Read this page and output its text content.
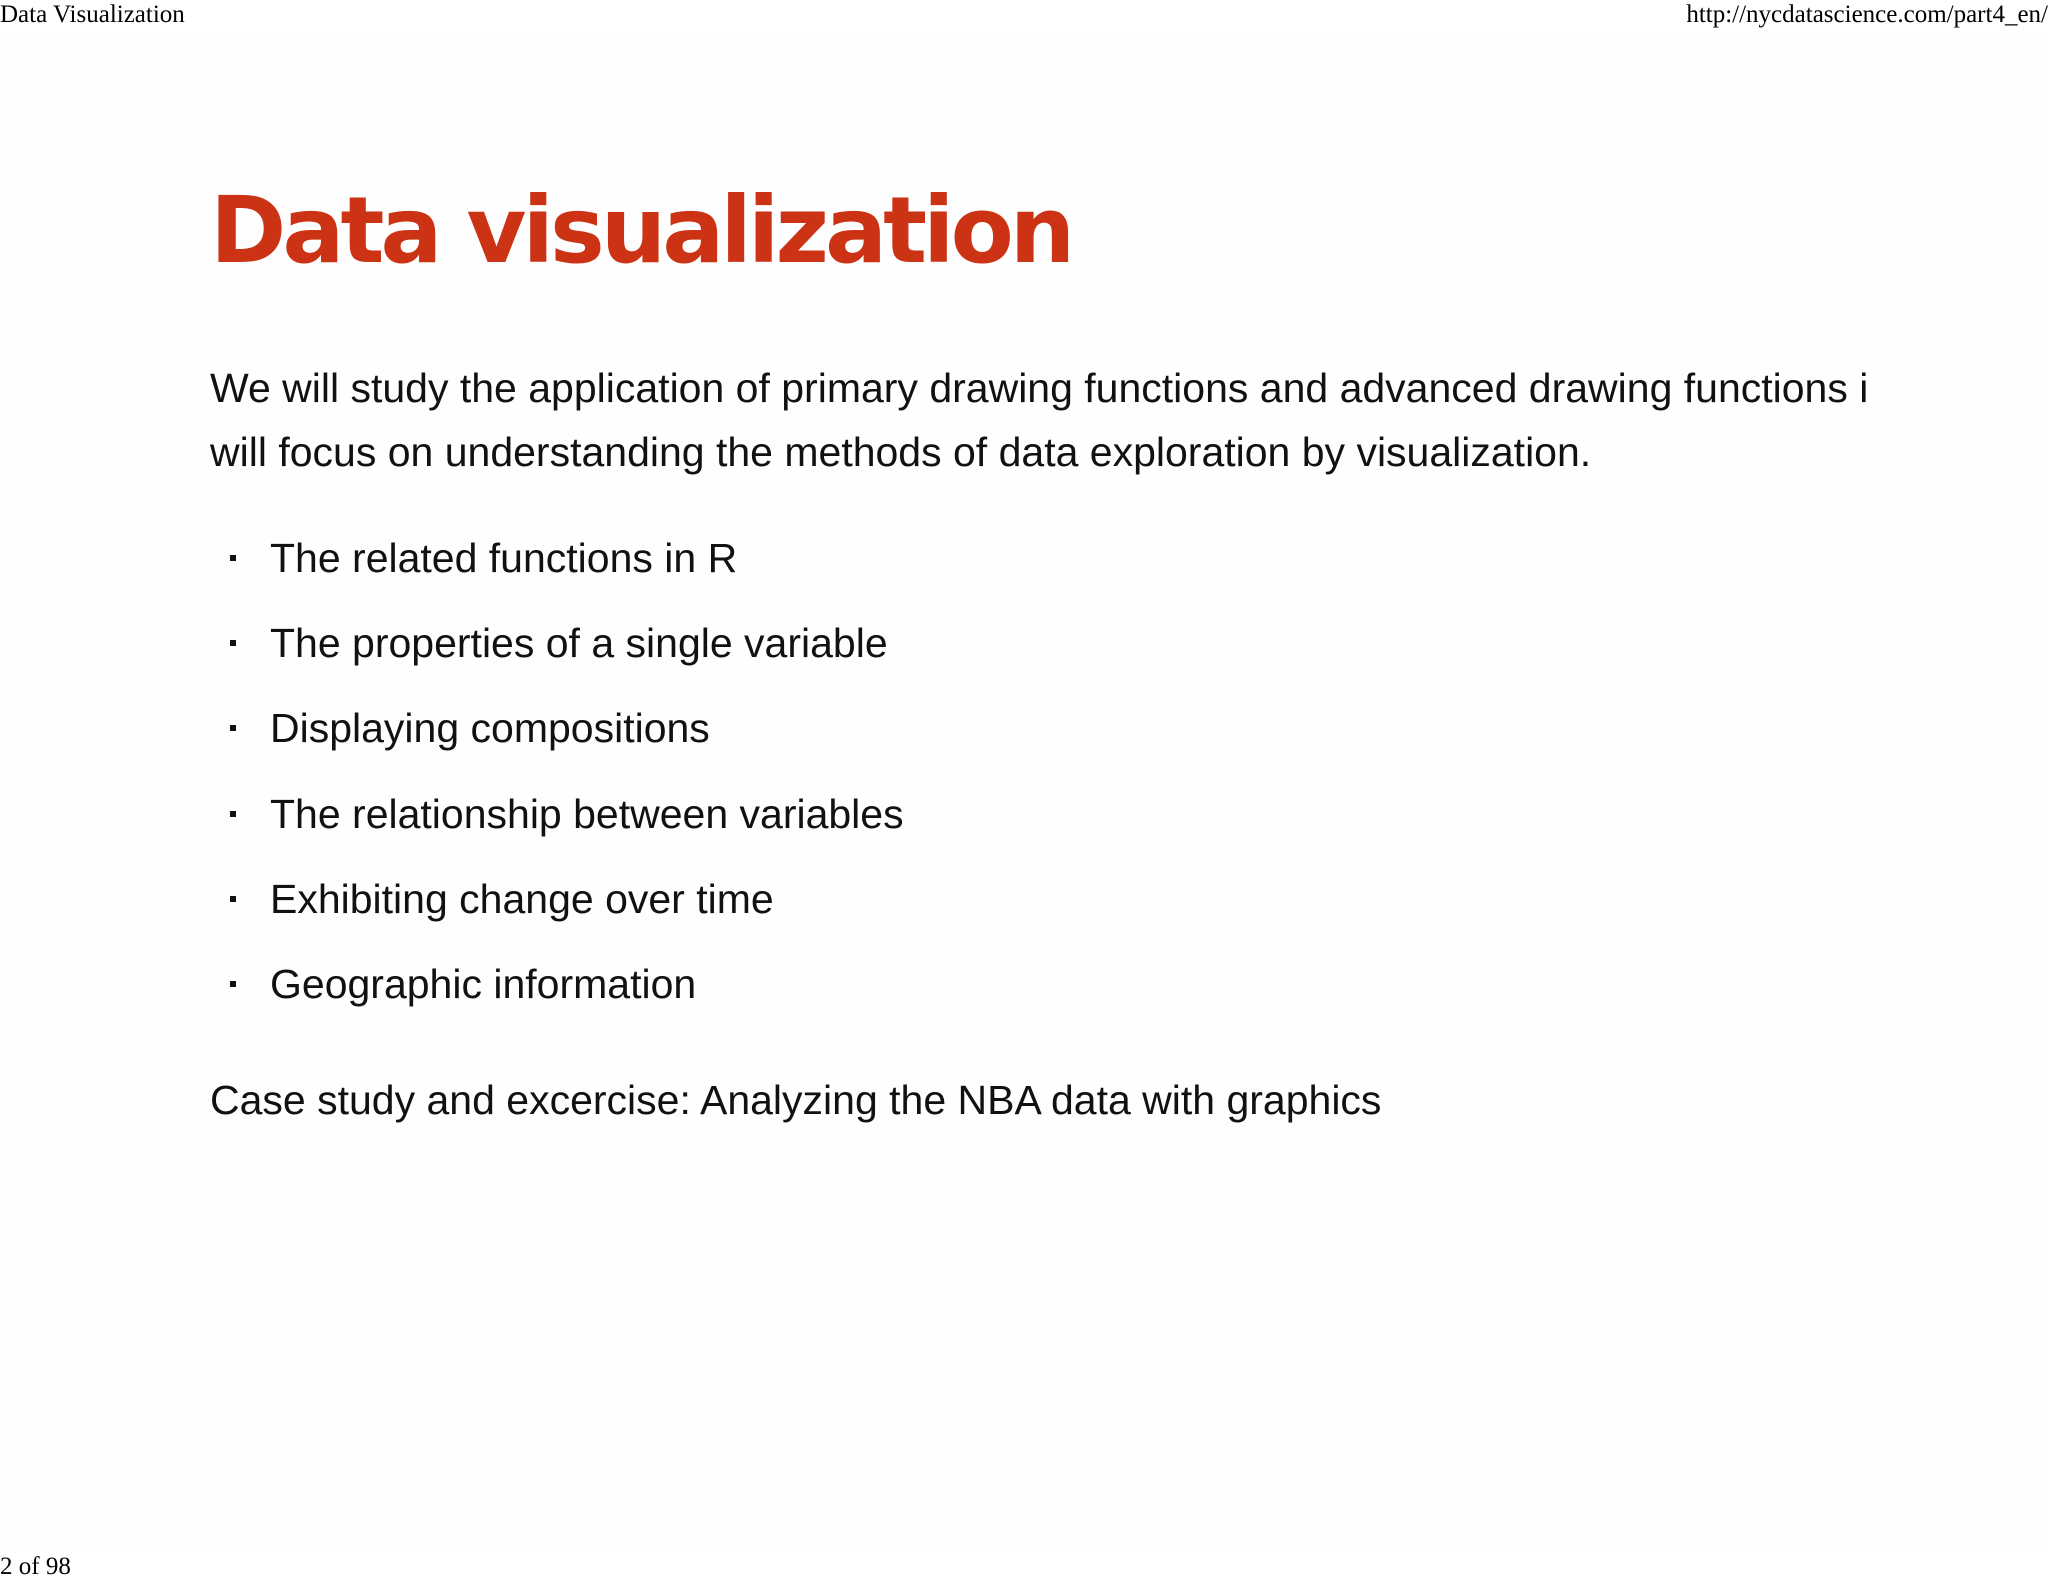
Data Visualization	http://nycdatascience.com/part4_en/
Data visualization
We will study the application of primary drawing functions and advanced drawing functions i
will focus on understanding the methods of data exploration by visualization.
The related functions in R
The properties of a single variable
Displaying compositions
The relationship between variables
Exhibiting change over time
Geographic information
Case study and excercise: Analyzing the NBA data with graphics
2 of 98
